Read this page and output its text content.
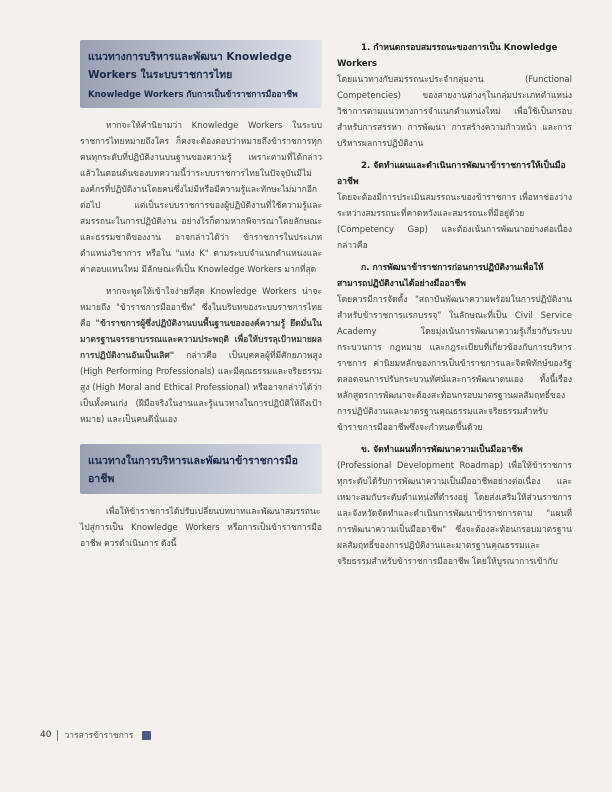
แนวทางการบริหารและพัฒนา Knowledge Workers ในระบบราชการไทย
Knowledge Workers กับการเป็นข้าราชการมืออาชีพ

หากจะให้คำนิยามว่า Knowledge Workers ในระบบราชการไทยหมายถึงใคร ก็คงจะต้องตอบว่าหมายถึงข้าราชการทุกคนทุกระดับที่ปฏิบัติงานบนฐานของความรู้ เพราะตามที่ได้กล่าวแล้วในตอนต้นของบทความนี้ว่าระบบราชการไทยในปัจจุบันมีไม่องค์กรที่ปฏิบัติงานโดยคนซึ่งไม่มีหรือมีความรู้และทักษะไม่มากอีกต่อไป แต่เป็นระบบราชการของผู้ปฏิบัติงานที่ใช้ความรู้และสมรรถนะในการปฏิบัติงาน อย่างไรก็ตามหากพิจารณาโดยลักษณะและธรรมชาติของงาน อาจกล่าวได้ว่า ข้าราชการในประเภทตำแหน่งวิชาการ หรือใน "แท่ง K" ตามระบบจำแนกตำแหน่งและค่าตอบแทนใหม่ มีลักษณะที่เป็น Knowledge Workers มากที่สุด

หากจะพูดให้เข้าใจง่ายที่สุด Knowledge Workers น่าจะหมายถึง "ข้าราชการมืออาชีพ" ซึ่งในบริบทของระบบราชการไทย คือ "ข้าราชการผู้ซึ่งปฏิบัติงานบนพื้นฐานขององค์ความรู้ ยึดมั่นในมาตรฐานจรรยาบรรณและความประพฤติ เพื่อให้บรรลุเป้าหมายผลการปฏิบัติงานอันเป็นเลิศ" กล่าวคือ เป็นบุคคลผู้ที่มีศักยภาพสูง (High Performing Professionals) และมีคุณธรรมและจริยธรรมสูง (High Moral and Ethical Professional) หรืออาจกล่าวได้ว่าเป็นทั้งคนเก่ง (ฝีมือจริงในงานและรู้แนวทางในการปฏิบัติให้ถึงเป้าหมาย) และเป็นคนดีนั่นเอง

แนวทางในการบริหารและพัฒนาข้าราชการมืออาชีพ

เพื่อให้ข้าราชการได้ปรับเปลี่ยนบทบาทและพัฒนาสมรรถนะไปสู่การเป็น Knowledge Workers หรือการเป็นข้าราชการมืออาชีพ ควรดำเนินการ ดังนี้

1. กำหนดกรอบสมรรถนะของการเป็น Knowledge Workers

โดยแนวทางกับสมรรถนะประจำกลุ่มงาน (Functional Competencies) ของสายงานต่างๆในกลุ่มประเภทตำแหน่งวิชาการตามแนวทางการจำแนกตำแหน่งใหม่ เพื่อใช้เป็นกรอบสำหรับการสรรหา การพัฒนา การสร้างความก้าวหน้า และการบริหารผลการปฏิบัติงาน

2. จัดทำแผนและดำเนินการพัฒนาข้าราชการให้เป็นมืออาชีพ

โดยจะต้องมีการประเมินสมรรถนะของข้าราชการ เพื่อหาช่องว่างระหว่างสมรรถนะที่คาดหวังและสมรรถนะที่มีอยู่ด้วย (Competency Gap) และต้องเน้นการพัฒนาอย่างต่อเนื่อง กล่าวคือ

ก. การพัฒนาข้าราชการก่อนการปฏิบัติงานเพื่อให้สามารถปฏิบัติงานได้อย่างมืออาชีพ

โดยควรมีการจัดตั้ง "สถาบันพัฒนาความพร้อมในการปฏิบัติงานสำหรับข้าราชการแรกบรรจุ" ในลักษณะที่เป็น Civil Service Academy โดยมุ่งเน้นการพัฒนาความรู้เกี่ยวกับระบบ กระบวนการ กฎหมาย และกฎระเบียบที่เกี่ยวข้องกับการบริหารราชการ ค่านิยมหลักของการเป็นข้าราชการและจิตพิทักษ์ของรัฐ ตลอดจนการปรับกระบวนทัศน์และการพัฒนาตนเอง ทั้งนี้เรื่องหลักสูตรการพัฒนาจะต้องสะท้อนกรอบมาตรฐานผลสัมฤทธิ์ของการปฏิบัติงานและมาตรฐานคุณธรรมและจริยธรรมสำหรับข้าราชการมืออาชีพซึ่งจะกำหนดขึ้นด้วย

ข. จัดทำแผนที่การพัฒนาความเป็นมืออาชีพ

(Professional Development Roadmap) เพื่อให้ข้าราชการทุกระดับได้รับการพัฒนาความเป็นมืออาชีพอย่างต่อเนื่อง และเหมาะสมกับระดับตำแหน่งที่ดำรงอยู่ โดยส่งเสริมให้ส่วนราชการและจังหวัดจัดทำและดำเนินการพัฒนาข้าราชการตาม "แผนที่การพัฒนาความเป็นมืออาชีพ" ซึ่งจะต้องสะท้อนกรอบมาตรฐานผลสัมฤทธิ์ของการปฏิบัติงานและมาตรฐานคุณธรรมและจริยธรรมสำหรับข้าราชการมืออาชีพ โดยให้บูรณาการเข้ากับ

40 วารสารข้าราชการ
